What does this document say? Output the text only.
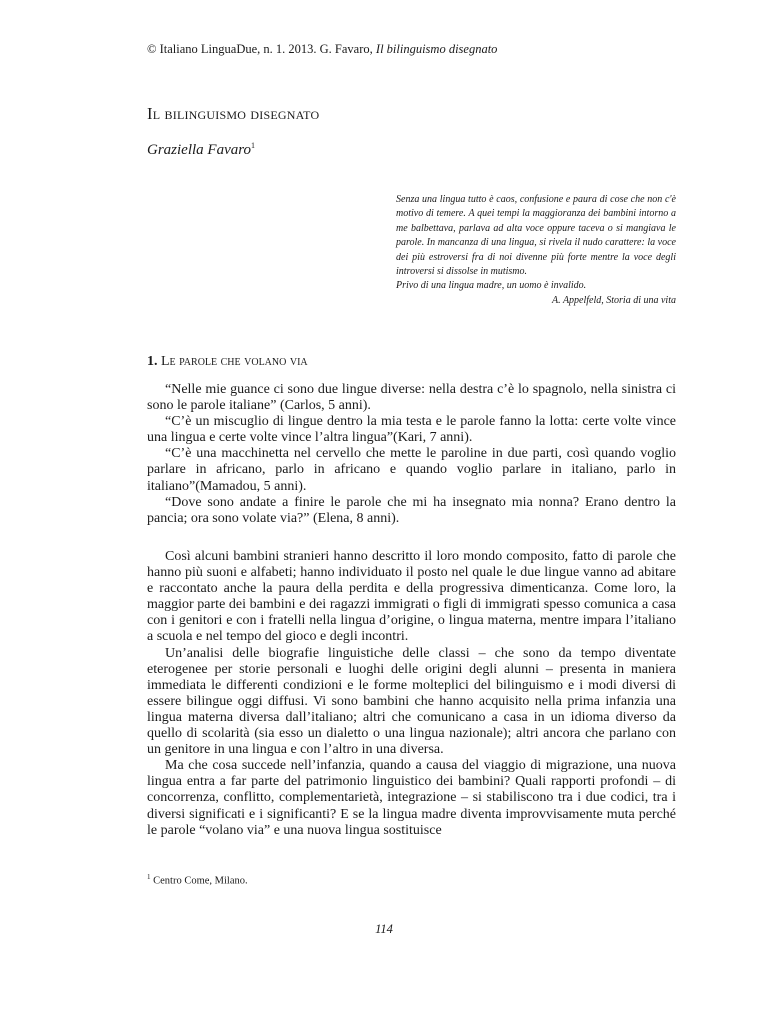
© Italiano LinguaDue, n. 1. 2013. G. Favaro, Il bilinguismo disegnato
Il bilinguismo disegnato
Graziella Favaro$^1$

Senza una lingua tutto è caos, confusione e paura di cose che non c'è motivo di temere. A quei tempi la maggioranza dei bambini intorno a me balbettava, parlava ad alta voce oppure taceva o si mangiava le parole. In mancanza di una lingua, si rivela il nudo carattere: la voce dei più estroversi fra di noi divenne più forte mentre la voce degli introversi si dissolse in mutismo.

Privo di una lingua madre, un uomo è invalido.

A. Appelfeld, Storia di una vita

1. Le parole che volano via

“Nelle mie guance ci sono due lingue diverse: nella destra c’è lo spagnolo, nella sinistra ci sono le parole italiane” (Carlos, 5 anni).

“C’è un miscuglio di lingue dentro la mia testa e le parole fanno la lotta: certe volte vince una lingua e certe volte vince l’altra lingua”(Kari, 7 anni).

“C’è una macchinetta nel cervello che mette le paroline in due parti, così quando voglio parlare in africano, parlo in africano e quando voglio parlare in italiano, parlo in italiano”(Mamadou, 5 anni).

“Dove sono andate a finire le parole che mi ha insegnato mia nonna? Erano dentro la pancia; ora sono volate via?” (Elena, 8 anni).

Così alcuni bambini stranieri hanno descritto il loro mondo composito, fatto di parole che hanno più suoni e alfabeti; hanno individuato il posto nel quale le due lingue vanno ad abitare e raccontato anche la paura della perdita e della progressiva dimenticanza. Come loro, la maggior parte dei bambini e dei ragazzi immigrati o figli di immigrati spesso comunica a casa con i genitori e con i fratelli nella lingua d’origine, o lingua materna, mentre impara l’italiano a scuola e nel tempo del gioco e degli incontri.

Un’analisi delle biografie linguistiche delle classi – che sono da tempo diventate eterogenee per storie personali e luoghi delle origini degli alunni – presenta in maniera immediata le differenti condizioni e le forme molteplici del bilinguismo e i modi diversi di essere bilingue oggi diffusi. Vi sono bambini che hanno acquisito nella prima infanzia una lingua materna diversa dall’italiano; altri che comunicano a casa in un idioma diverso da quello di scolarità (sia esso un dialetto o una lingua nazionale); altri ancora che parlano con un genitore in una lingua e con l’altro in una diversa.

Ma che cosa succede nell’infanzia, quando a causa del viaggio di migrazione, una nuova lingua entra a far parte del patrimonio linguistico dei bambini? Quali rapporti profondi – di concorrenza, conflitto, complementarietà, integrazione – si stabiliscono tra i due codici, tra i diversi significati e i significanti? E se la lingua madre diventa improvvisamente muta perché le parole “volano via” e una nuova lingua sostituisce

$^1$ Centro Come, Milano.
114
